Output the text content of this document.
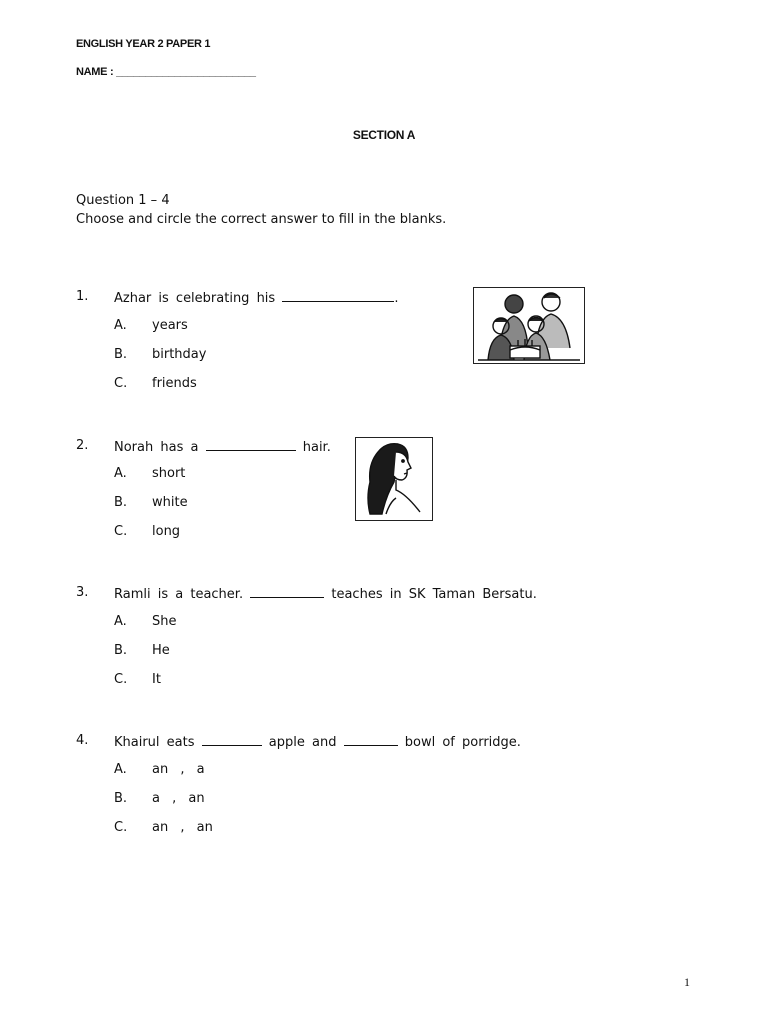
ENGLISH YEAR 2 PAPER 1
NAME : ________________________
SECTION A
Question 1 – 4
Choose and circle the correct answer to fill in the blanks.
1. Azhar is celebrating his	.
A. years
B. birthday
C. friends
2. Norah has a	hair.
A. short
B. white
C. long
3. Ramli is a teacher.	teaches in SK Taman Bersatu.
A. She
B. He
C. It
4. Khairul eats	apple and	bowl of porridge.
A. an , a
B. a , an
C. an , an
1
